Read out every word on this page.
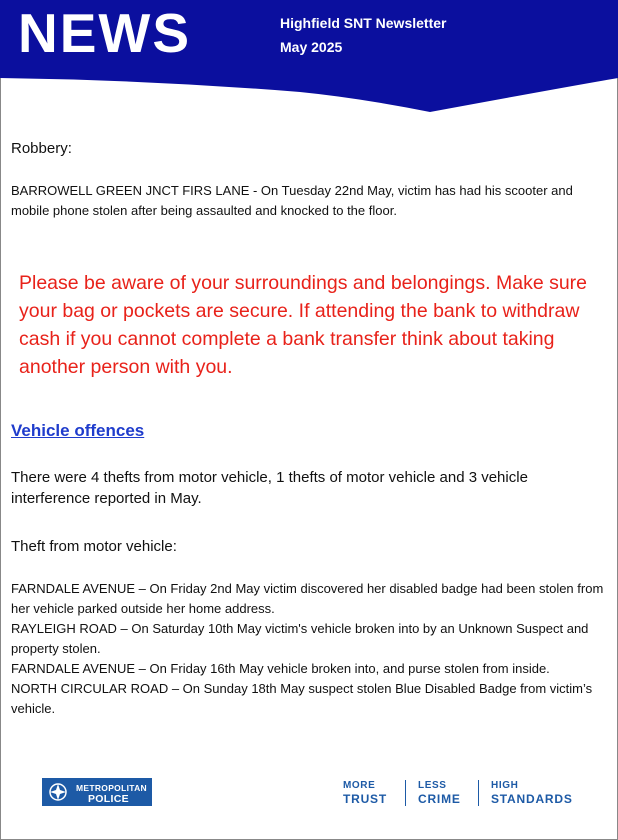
NEWS	Highfield SNT Newsletter
May 2025
Robbery:
BARROWELL GREEN JNCT FIRS LANE - On Tuesday 22nd May, victim has had his scooter and mobile phone stolen after being assaulted and knocked to the floor.
Please be aware of your surroundings and belongings. Make sure your bag or pockets are secure. If attending the bank to withdraw cash if you cannot complete a bank transfer think about taking another person with you.
Vehicle offences
There were 4 thefts from motor vehicle, 1 thefts of motor vehicle and 3 vehicle interference reported in May.
Theft from motor vehicle:
FARNDALE AVENUE – On Friday 2nd May victim discovered her disabled badge had been stolen from her vehicle parked outside her home address.
RAYLEIGH ROAD – On Saturday 10th May victim's vehicle broken into by an Unknown Suspect and property stolen.
FARNDALE AVENUE – On Friday 16th May vehicle broken into, and purse stolen from inside.
NORTH CIRCULAR ROAD – On Sunday 18th May suspect stolen Blue Disabled Badge from victim’s vehicle.
METROPOLITAN
POLICE
MORE
TRUST
LESS
CRIME
HIGH
STANDARDS
